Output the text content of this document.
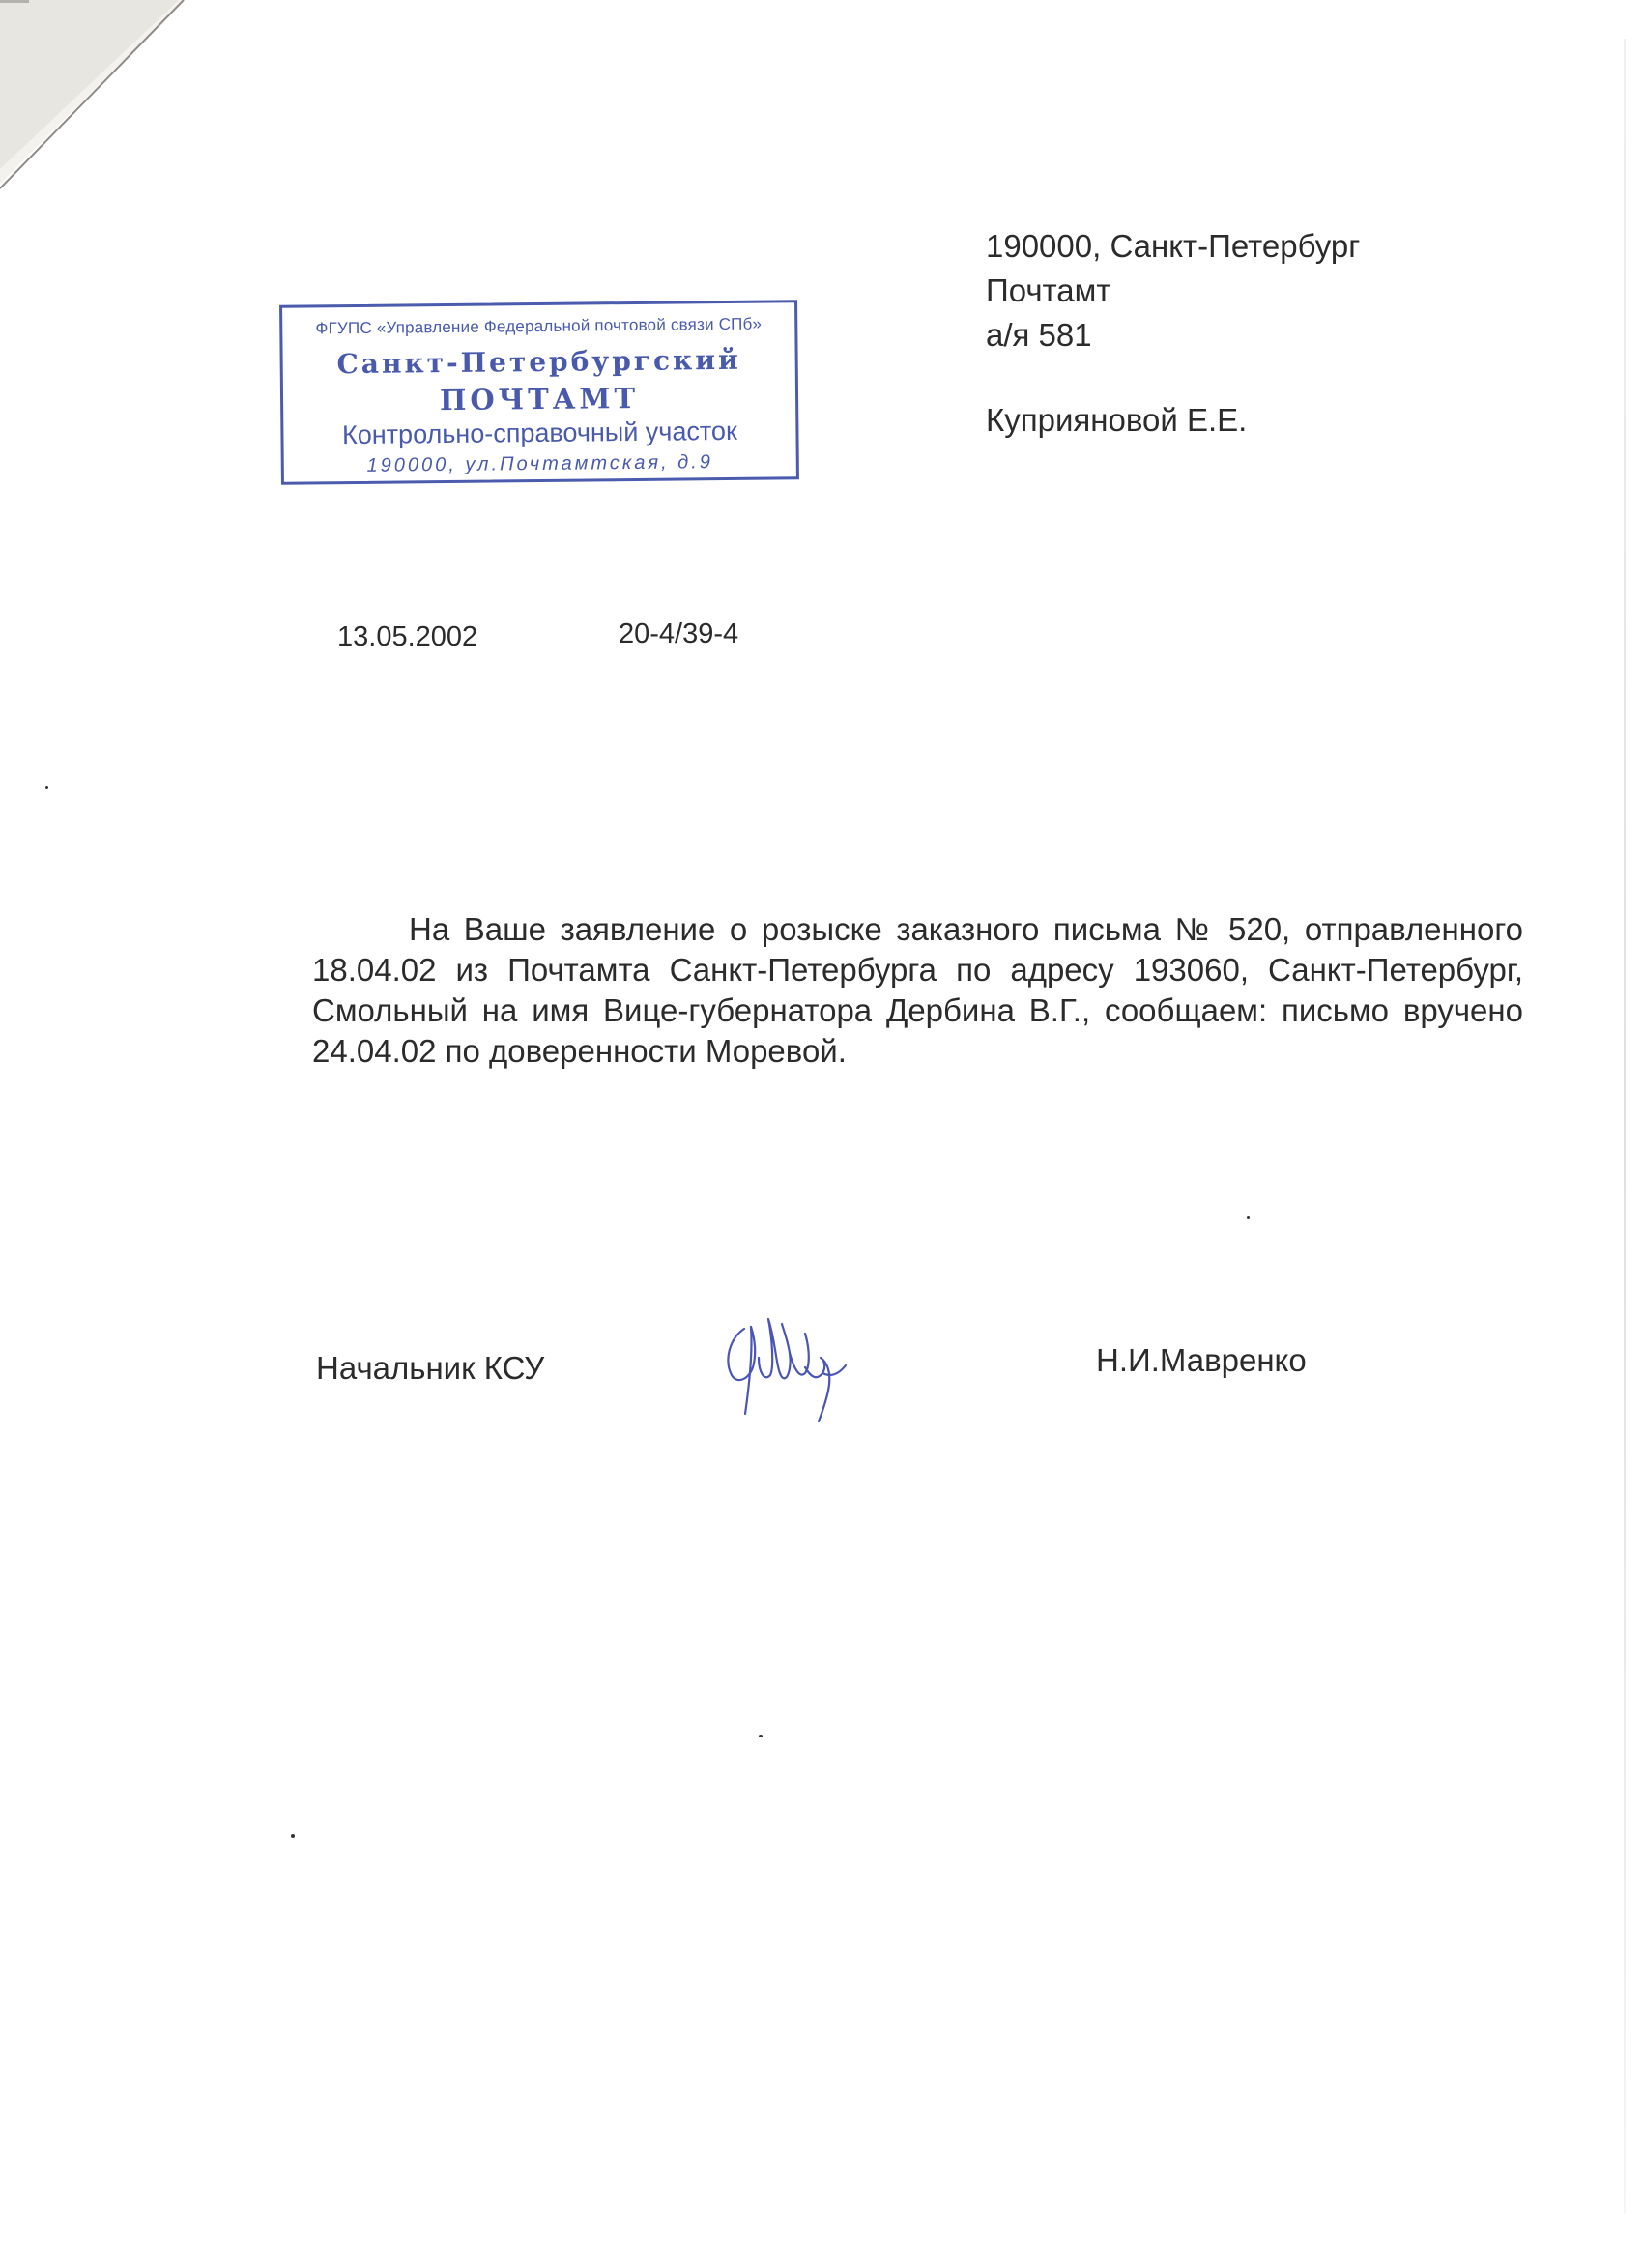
ФГУПС «Управление Федеральной почтовой связи СПб»
Санкт-Петербургский
ПОЧТАМТ
Контрольно-справочный участок
190000, ул.Почтамтская, д.9
190000, Санкт-Петербург
Почтамт
а/я 581
Куприяновой Е.Е.
13.05.2002	20-4/39-4

На Ваше заявление о розыске заказного письма № 520, отправленного 18.04.02 из Почтамта Санкт-Петербурга по адресу 193060, Санкт-Петербург, Смольный на имя Вице-губернатора Дербина В.Г., сообщаем: письмо вручено 24.04.02 по доверенности Моревой.

Начальник КСУ	Н.И.Мавренко
